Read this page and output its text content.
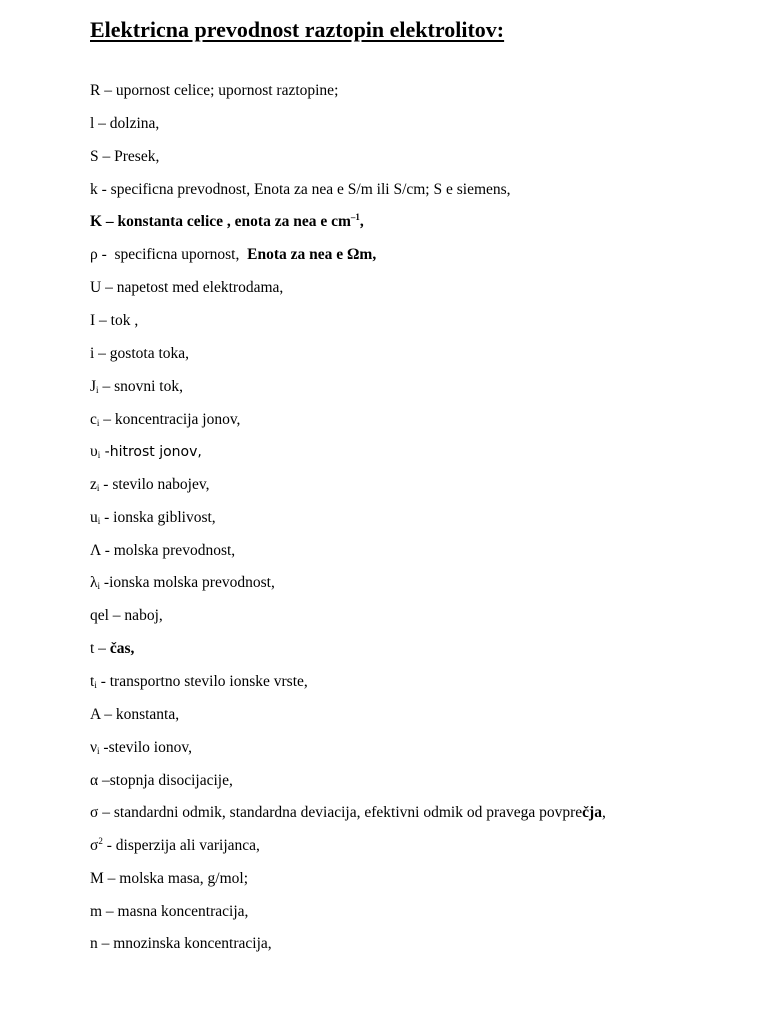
Elektricna prevodnost raztopin elektrolitov:
R – upornost celice; upornost raztopine;
l – dolzina,
S – Presek,
k - specificna prevodnost, Enota za nea e S/m ili S/cm; S e siemens,
K – konstanta celice , enota za nea e $cm^{-1}$,
ρ -  specificna upornost,  Enota za nea e Ωm,
U – napetost med elektrodama,
I – tok ,
i – gostota toka,
$J_i$ – snovni tok,
$c_i$ – koncentracija jonov,
$\upsilon_i$ -hitrost jonov,
$z_i$ - stevilo nabojev,
$u_i$ - ionska giblivost,
Λ - molska prevodnost,
$\lambda_i$ -ionska molska prevodnost,
qel – naboj,
t – čas,
$t_i$ - transportno stevilo ionske vrste,
A – konstanta,
$\nu_i$ -stevilo ionov,
α –stopnja disocijacije,
σ – standardni odmik, standardna deviacija, efektivni odmik od pravega povprečja,
$\sigma^2$ - disperzija ali varijanca,
M – molska masa, g/mol;
m – masna koncentracija,
n – mnozinska koncentracija,
